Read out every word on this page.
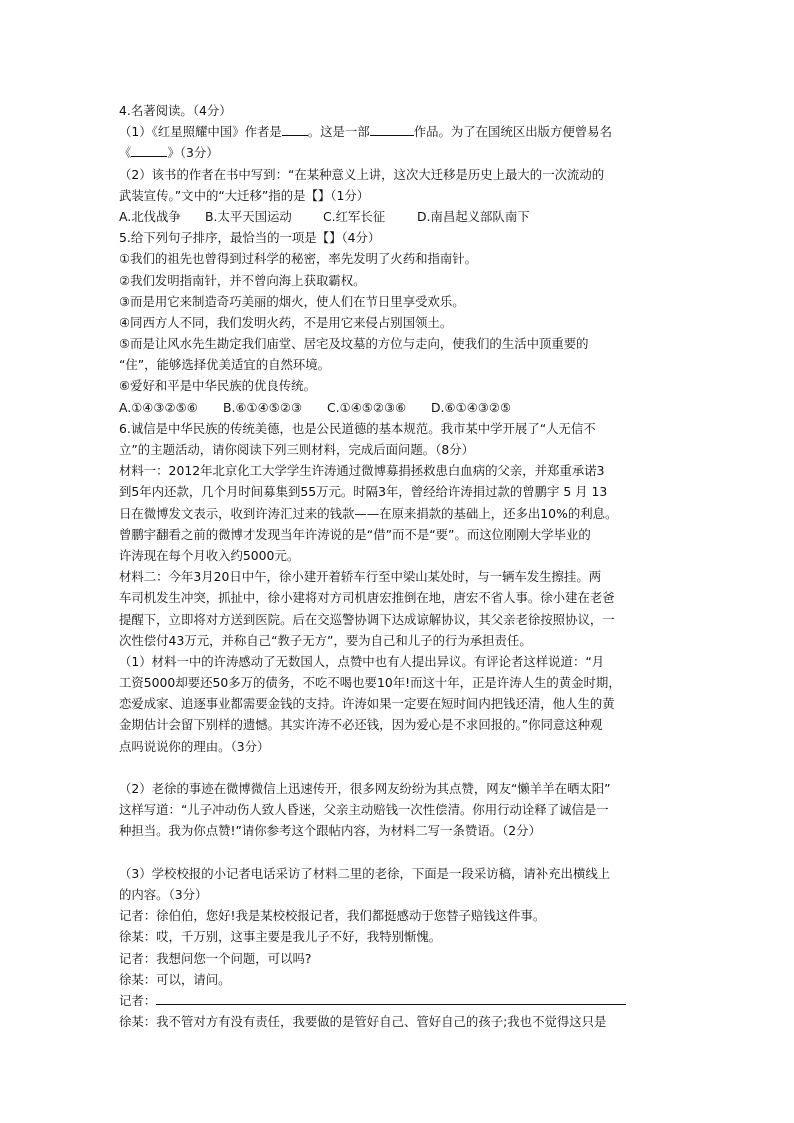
4.名著阅读。（4分）
（1）《红星照耀中国》作者是 。这是一部	作品。为了在国统区出版方便曾易名
《	》（3分）
（2）该书的作者在书中写到：“在某种意义上讲，这次大迁移是历史上最大的一次流动的
武装宣传。”文中的“大迁移”指的是【】（1分）
A.北伐战争	B.太平天国运动	C.红军长征	D.南昌起义部队南下
5.给下列句子排序，最恰当的一项是【】（4分）
①我们的祖先也曾得到过科学的秘密，率先发明了火药和指南针。
②我们发明指南针，并不曾向海上获取霸权。
③而是用它来制造奇巧美丽的烟火，使人们在节日里享受欢乐。
④同西方人不同，我们发明火药，不是用它来侵占别国领土。
⑤而是让风水先生勘定我们庙堂、居宅及坟墓的方位与走向，使我们的生活中顶重要的
“住”，能够选择优美适宜的自然环境。
⑥爱好和平是中华民族的优良传统。
A.①④③②⑤⑥	B.⑥①④⑤②③	C.①④⑤②③⑥	D.⑥①④③②⑤
6.诚信是中华民族的传统美德，也是公民道德的基本规范。我市某中学开展了“人无信不
立”的主题活动，请你阅读下列三则材料，完成后面问题。（8分）
材料一：2012年北京化工大学学生许涛通过微博募捐拯救患白血病的父亲，并郑重承诺3
到5年内还款，几个月时间募集到55万元。时隔3年，曾经给许涛捐过款的曾鹏宇 5 月 13
日在微博发文表示，收到许涛汇过来的钱款——在原来捐款的基础上，还多出10%的利息。
曾鹏宇翻看之前的微博才发现当年许涛说的是“借”而不是“要”。而这位刚刚大学毕业的
许涛现在每个月收入约5000元。
材料二：今年3月20日中午，徐小建开着轿车行至中梁山某处时，与一辆车发生擦挂。两
车司机发生冲突，抓扯中，徐小建将对方司机唐宏推倒在地，唐宏不省人事。徐小建在老爸
提醒下，立即将对方送到医院。后在交巡警协调下达成谅解协议，其父亲老徐按照协议，一
次性偿付43万元，并称自己“教子无方”，要为自己和儿子的行为承担责任。
（1）材料一中的许涛感动了无数国人，点赞中也有人提出异议。有评论者这样说道：“月
工资5000却要还50多万的债务，不吃不喝也要10年!而这十年，正是许涛人生的黄金时期，
恋爱成家、追逐事业都需要金钱的支持。许涛如果一定要在短时间内把钱还清，他人生的黄
金期估计会留下别样的遗憾。其实许涛不必还钱，因为爱心是不求回报的。”你同意这种观
点吗说说你的理由。（3分）
（2）老徐的事迹在微博微信上迅速传开，很多网友纷纷为其点赞，网友“懒羊羊在晒太阳”
这样写道：“儿子冲动伤人致人昏迷，父亲主动赔钱一次性偿清。你用行动诠释了诚信是一
种担当。我为你点赞!”请你参考这个跟帖内容，为材料二写一条赞语。（2分）
（3）学校校报的小记者电话采访了材料二里的老徐，下面是一段采访稿，请补充出横线上
的内容。（3分）
记者：徐伯伯，您好!我是某校校报记者，我们都挺感动于您替子赔钱这件事。
徐某：哎，千万别，这事主要是我儿子不好，我特别惭愧。
记者：我想问您一个问题，可以吗?
徐某：可以，请问。
记者：
徐某：我不管对方有没有责任，我要做的是管好自己、管好自己的孩子;我也不觉得这只是
